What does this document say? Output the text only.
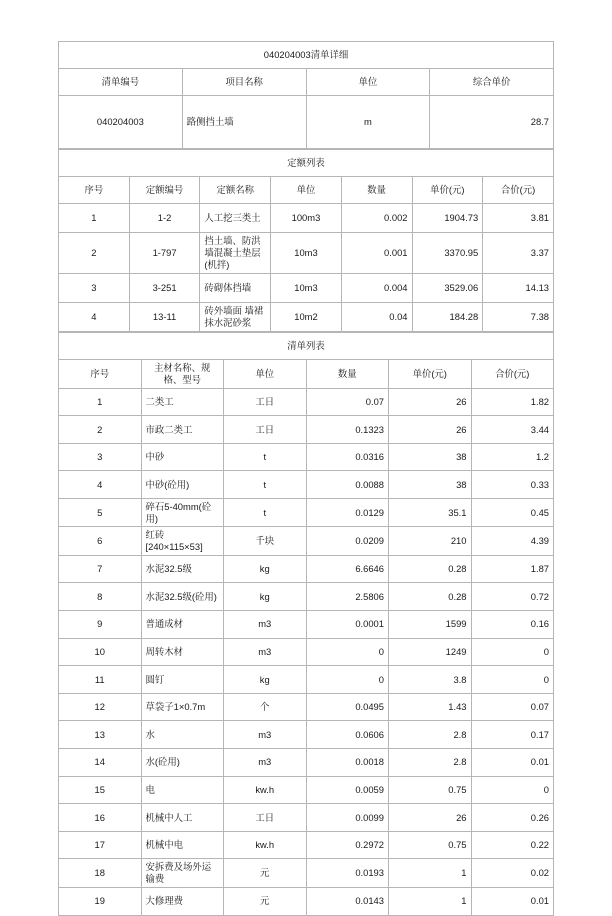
040204003清单详细			
清单编号	项目名称	单位	综合单价
040204003	路侧挡土墙	m	28.7
定额列表						
序号	定额编号	定额名称	单位	数量	单价(元)	合价(元)
1	1-2	人工挖三类土	100m3	0.002	1904.73	3.81
2	1-797	挡土墙、防洪墙混凝土垫层(机拌)	10m3	0.001	3370.95	3.37
3	3-251	砖砌体挡墙	10m3	0.004	3529.06	14.13
4	13-11	砖外墙面 墙裙抹水泥砂浆	10m2	0.04	184.28	7.38
清单列表					
序号	主材名称、规格、型号	单位	数量	单价(元)	合价(元)
1	二类工	工日	0.07	26	1.82
2	市政二类工	工日	0.1323	26	3.44
3	中砂	t	0.0316	38	1.2
4	中砂(砼用)	t	0.0088	38	0.33
5	碎石5-40mm(砼用)	t	0.0129	35.1	0.45
6	红砖[240×115×53]	千块	0.0209	210	4.39
7	水泥32.5级	kg	6.6646	0.28	1.87
8	水泥32.5级(砼用)	kg	2.5806	0.28	0.72
9	普通成材	m3	0.0001	1599	0.16
10	周转木材	m3	0	1249	0
11	圆钉	kg	0	3.8	0
12	草袋子1×0.7m	个	0.0495	1.43	0.07
13	水	m3	0.0606	2.8	0.17
14	水(砼用)	m3	0.0018	2.8	0.01
15	电	kw.h	0.0059	0.75	0
16	机械中人工	工日	0.0099	26	0.26
17	机械中电	kw.h	0.2972	0.75	0.22
18	安拆费及场外运输费	元	0.0193	1	0.02
19	大修理费	元	0.0143	1	0.01
